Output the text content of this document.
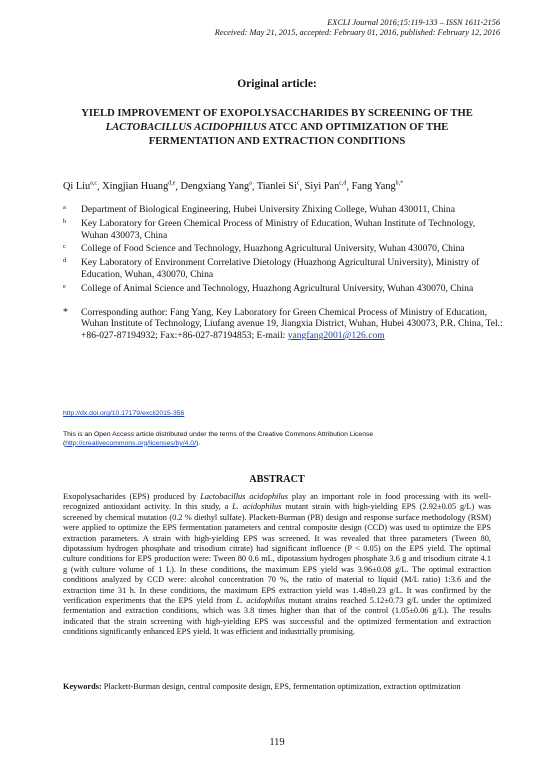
EXCLI Journal 2016;15:119-133 – ISSN 1611-2156
Received: May 21, 2015, accepted: February 01, 2016, published: February 12, 2016
Original article:
YIELD IMPROVEMENT OF EXOPOLYSACCHARIDES BY SCREENING OF THE LACTOBACILLUS ACIDOPHILUS ATCC AND OPTIMIZATION OF THE FERMENTATION AND EXTRACTION CONDITIONS
Qi Liu$^{a,c}$, Xingjian Huang$^{d,e}$, Dengxiang Yang$^a$, Tianlei Si$^c$, Siyi Pan$^{c,d}$, Fang Yang$^{b,*}$
a Department of Biological Engineering, Hubei University Zhixing College, Wuhan 430011, China
b Key Laboratory for Green Chemical Process of Ministry of Education, Wuhan Institute of Technology, Wuhan 430073, China
c College of Food Science and Technology, Huazhong Agricultural University, Wuhan 430070, China
d Key Laboratory of Environment Correlative Dietology (Huazhong Agricultural University), Ministry of Education, Wuhan, 430070, China
e College of Animal Science and Technology, Huazhong Agricultural University, Wuhan 430070, China
* Corresponding author: Fang Yang, Key Laboratory for Green Chemical Process of Ministry of Education, Wuhan Institute of Technology, Liufang avenue 19, Jiangxia District, Wuhan, Hubei 430073, P.R. China, Tel.: +86-027-87194932; Fax:+86-027-87194853; E-mail: yangfang2001@126.com
http://dx.doi.org/10.17179/excli2015-356
This is an Open Access article distributed under the terms of the Creative Commons Attribution License (http://creativecommons.org/licenses/by/4.0/).
ABSTRACT
Exopolysacharides (EPS) produced by Lactobacillus acidophilus play an important role in food processing with its well-recognized antioxidant activity. In this study, a L. acidophilus mutant strain with high-yielding EPS (2.92±0.05 g/L) was screened by chemical mutation (0.2 % diethyl sulfate). Plackett-Burman (PB) design and response surface methodology (RSM) were applied to optimize the EPS fermentation parameters and central composite design (CCD) was used to optimize the EPS extraction parameters. A strain with high-yielding EPS was screened. It was revealed that three parameters (Tween 80, dipotassium hydrogen phosphate and trisodium citrate) had significant influence (P < 0.05) on the EPS yield. The optimal culture conditions for EPS production were: Tween 80 0.6 mL, dipotassium hydrogen phosphate 3.6 g and trisodium citrate 4.1 g (with culture volume of 1 L). In these conditions, the maximum EPS yield was 3.96±0.08 g/L. The optimal extraction conditions analyzed by CCD were: alcohol concentration 70 %, the ratio of material to liquid (M/L ratio) 1:3.6 and the extraction time 31 h. In these conditions, the maximum EPS extraction yield was 1.48±0.23 g/L. It was confirmed by the verification experiments that the EPS yield from L. acidophilus mutant strains reached 5.12±0.73 g/L under the optimized fermentation and extraction conditions, which was 3.8 times higher than that of the control (1.05±0.06 g/L). The results indicated that the strain screening with high-yielding EPS was successful and the optimized fermentation and extraction conditions significantly enhanced EPS yield. It was efficient and industrially promising.
Keywords: Plackett-Burman design, central composite design, EPS, fermentation optimization, extraction optimization
119
